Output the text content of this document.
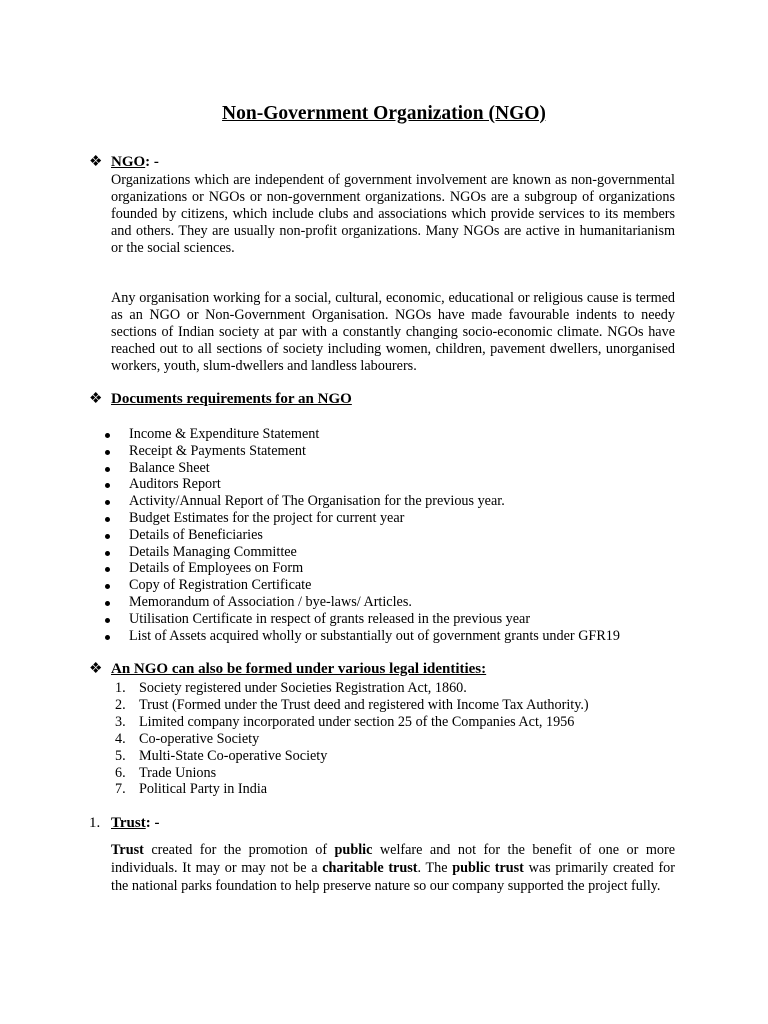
Non-Government Organization (NGO)
❖ NGO: -
Organizations which are independent of government involvement are known as non-governmental organizations or NGOs or non-government organizations. NGOs are a subgroup of organizations founded by citizens, which include clubs and associations which provide services to its members and others. They are usually non-profit organizations. Many NGOs are active in humanitarianism or the social sciences.
Any organisation working for a social, cultural, economic, educational or religious cause is termed as an NGO or Non-Government Organisation. NGOs have made favourable indents to needy sections of Indian society at par with a constantly changing socio-economic climate. NGOs have reached out to all sections of society including women, children, pavement dwellers, unorganised workers, youth, slum-dwellers and landless labourers.
❖ Documents requirements for an NGO
Income & Expenditure Statement
Receipt & Payments Statement
Balance Sheet
Auditors Report
Activity/Annual Report of The Organisation for the previous year.
Budget Estimates for the project for current year
Details of Beneficiaries
Details Managing Committee
Details of Employees on Form
Copy of Registration Certificate
Memorandum of Association / bye-laws/ Articles.
Utilisation Certificate in respect of grants released in the previous year
List of Assets acquired wholly or substantially out of government grants under GFR19
❖ An NGO can also be formed under various legal identities:
1. Society registered under Societies Registration Act, 1860.
2. Trust (Formed under the Trust deed and registered with Income Tax Authority.)
3. Limited company incorporated under section 25 of the Companies Act, 1956
4. Co-operative Society
5. Multi-State Co-operative Society
6. Trade Unions
7. Political Party in India
1. Trust: -
Trust created for the promotion of public welfare and not for the benefit of one or more individuals. It may or may not be a charitable trust. The public trust was primarily created for the national parks foundation to help preserve nature so our company supported the project fully.
